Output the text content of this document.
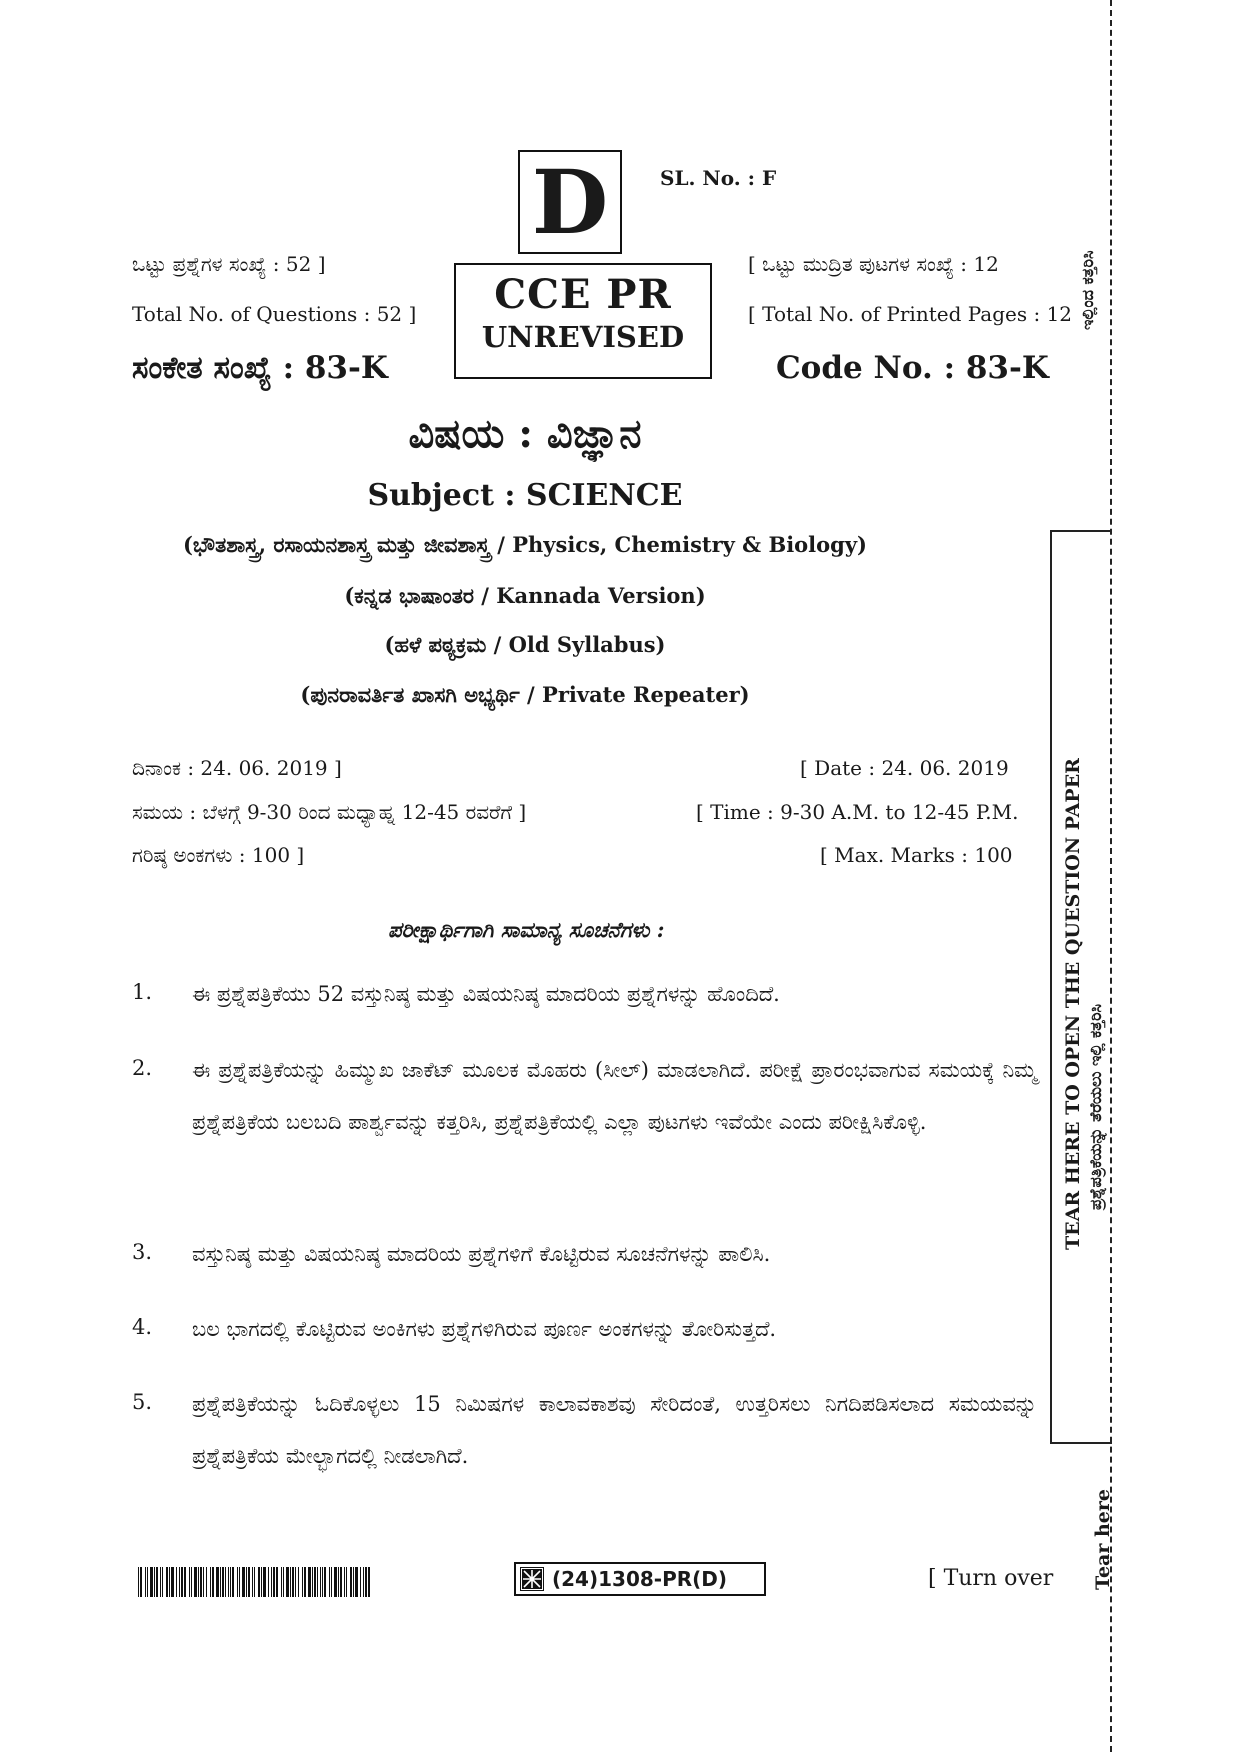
D	SL. No. : F
CCE PR
UNREVISED
ಒಟ್ಟು ಪ್ರಶ್ನೆಗಳ ಸಂಖ್ಯೆ : 52 ]
Total No. of Questions : 52 ]
[ ಒಟ್ಟು ಮುದ್ರಿತ ಪುಟಗಳ ಸಂಖ್ಯೆ : 12
[ Total No. of Printed Pages : 12
ಸಂಕೇತ ಸಂಖ್ಯೆ : 83-K	Code No. : 83-K
ವಿಷಯ : ವಿಜ್ಞಾನ
Subject : SCIENCE
(ಭೌತಶಾಸ್ತ್ರ, ರಸಾಯನಶಾಸ್ತ್ರ ಮತ್ತು ಜೀವಶಾಸ್ತ್ರ / Physics, Chemistry & Biology)
(ಕನ್ನಡ ಭಾಷಾಂತರ / Kannada Version)
(ಹಳೆ ಪಠ್ಯಕ್ರಮ / Old Syllabus)
(ಪುನರಾವರ್ತಿತ ಖಾಸಗಿ ಅಭ್ಯರ್ಥಿ / Private Repeater)
ದಿನಾಂಕ : 24. 06. 2019 ]	[ Date : 24. 06. 2019
ಸಮಯ : ಬೆಳಗ್ಗೆ 9-30 ರಿಂದ ಮಧ್ಯಾಹ್ನ 12-45 ರವರೆಗೆ ]	[ Time : 9-30 A.M. to 12-45 P.M.
ಗರಿಷ್ಠ ಅಂಕಗಳು : 100 ]	[ Max. Marks : 100
ಪರೀಕ್ಷಾರ್ಥಿಗಾಗಿ ಸಾಮಾನ್ಯ ಸೂಚನೆಗಳು :
1. ಈ ಪ್ರಶ್ನೆಪತ್ರಿಕೆಯು 52 ವಸ್ತುನಿಷ್ಠ ಮತ್ತು ವಿಷಯನಿಷ್ಠ ಮಾದರಿಯ ಪ್ರಶ್ನೆಗಳನ್ನು ಹೊಂದಿದೆ.
2. ಈ ಪ್ರಶ್ನೆಪತ್ರಿಕೆಯನ್ನು ಹಿಮ್ಮುಖ ಜಾಕೆಟ್ ಮೂಲಕ ಮೊಹರು (ಸೀಲ್) ಮಾಡಲಾಗಿದೆ. ಪರೀಕ್ಷೆ ಪ್ರಾರಂಭವಾಗುವ ಸಮಯಕ್ಕೆ ನಿಮ್ಮ ಪ್ರಶ್ನೆಪತ್ರಿಕೆಯ ಬಲಬದಿ ಪಾರ್ಶ್ವವನ್ನು ಕತ್ತರಿಸಿ, ಪ್ರಶ್ನೆಪತ್ರಿಕೆಯಲ್ಲಿ ಎಲ್ಲಾ ಪುಟಗಳು ಇವೆಯೇ ಎಂದು ಪರೀಕ್ಷಿಸಿಕೊಳ್ಳಿ.
3. ವಸ್ತುನಿಷ್ಠ ಮತ್ತು ವಿಷಯನಿಷ್ಠ ಮಾದರಿಯ ಪ್ರಶ್ನೆಗಳಿಗೆ ಕೊಟ್ಟಿರುವ ಸೂಚನೆಗಳನ್ನು ಪಾಲಿಸಿ.
4. ಬಲ ಭಾಗದಲ್ಲಿ ಕೊಟ್ಟಿರುವ ಅಂಕಿಗಳು ಪ್ರಶ್ನೆಗಳಿಗಿರುವ ಪೂರ್ಣ ಅಂಕಗಳನ್ನು ತೋರಿಸುತ್ತದೆ.
5. ಪ್ರಶ್ನೆಪತ್ರಿಕೆಯನ್ನು ಓದಿಕೊಳ್ಳಲು 15 ನಿಮಿಷಗಳ ಕಾಲಾವಕಾಶವು ಸೇರಿದಂತೆ, ಉತ್ತರಿಸಲು ನಿಗದಿಪಡಿಸಲಾದ ಸಮಯವನ್ನು ಪ್ರಶ್ನೆಪತ್ರಿಕೆಯ ಮೇಲ್ಭಾಗದಲ್ಲಿ ನೀಡಲಾಗಿದೆ.
ಇಲ್ಲಿಂದ ಕತ್ತರಿಸಿ
TEAR HERE TO OPEN THE QUESTION PAPER ಪ್ರಶ್ನೆಪತ್ರಿಕೆಯನ್ನು ತೆರೆಯಲು ಇಲ್ಲಿ ಕತ್ತರಿಸಿ
Tear here
(24)1308-PR(D)	[ Turn over
